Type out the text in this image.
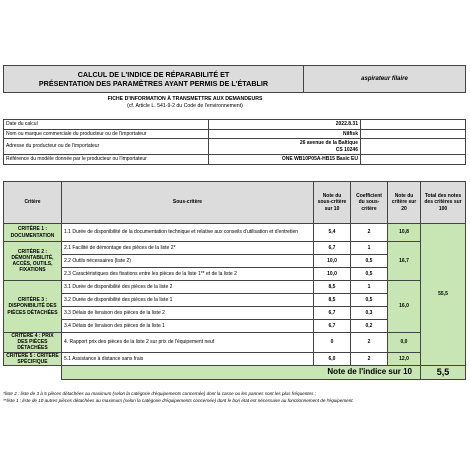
CALCUL DE L'INDICE DE RÉPARABILITÉ ET
PRÉSENTATION DES PARAMÈTRES AYANT PERMIS DE L'ÉTABLIR	aspirateur filaire
FICHE D'INFORMATION À TRANSMETTRE AUX DEMANDEURS
(cf. Article L. 541-9-2 du Code de l'environnement)
Date du calcul	2022.8.31	
Nom ou marque commerciale du producteur ou de l'importateur	Nilfisk	
Adresse du producteur ou de l'importateur	26 avenue de la Baltique
CS 10246	

Référence du modèle donnée par le producteur ou l'importateur	ONE WB10P05A-HB15 Basic EU	
Critère	Sous-critère	Note du sous-critère sur 10	Coefficient du sous-critère	Note du critère sur 20	Total des notes des critères sur 100
CRITÈRE 1 : DOCUMENTATION	1.1 Durée de disponibilité de la documentation technique et relative aux conseils d'utilisation et d'entretien	5,4	2	10,8	55,5
CRITÈRE 2 : DÉMONTABILITÉ, ACCÈS, OUTILS, FIXATIONS	2.1 Facilité de démontage des pièces de la liste 2*	6,7	1	16,7	
	2.2 Outils nécessaires (liste 2)	10,0	0,5		
	2.3 Caractéristiques des fixations entre les pièces de la liste 1** et de la liste 2	10,0	0,5		
CRITÈRE 3 : DISPONIBILITÉ DES PIÈCES DÉTACHÉES	3.1 Durée de disponibilité des pièces de la liste 2	8,5	1	16,0	
	3.2 Durée de disponibilité des pièces de la liste 1	8,5	0,5		
	3.3 Délais de livraison des pièces de la liste 2	6,7	0,3		
	3.4 Délais de livraison des pièces de la liste 1	6,7	0,2		
CRITÈRE 4 : PRIX DES PIÈCES DÉTACHÉES	4. Rapport prix des pièces de la liste 2 sur prix de l'équipement neuf	0	2	0,0	
CRITÈRE 5 : CRITÈRE SPÉCIFIQUE	5.1 Assistance à distance sans frais	6,0	2	12,0	
	Note de l'indice sur 10				5,5
*liste 2 : liste de 3 à 5 pièces détachées au maximum (selon la catégorie d'équipements concernée) dont la casse ou les pannes sont les plus fréquentes ;
**liste 1 : liste de 10 autres pièces détachées au maximum (selon la catégorie d'équipements concernée) dont le bon état est nécessaire au fonctionnement de l'équipement.
